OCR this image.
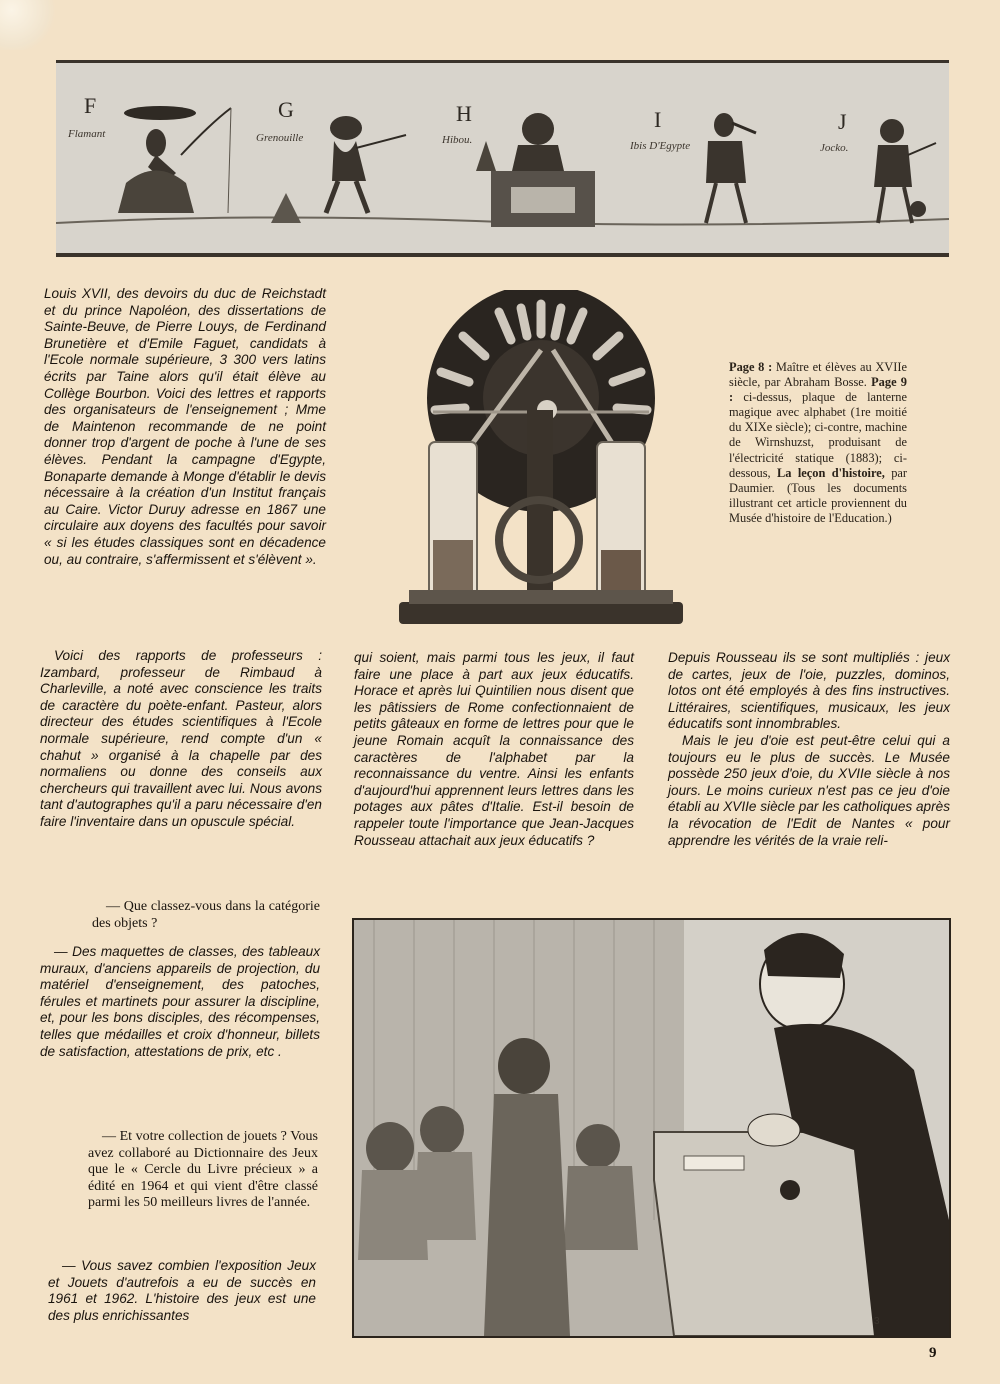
F	G	H	I	J
Flamant	Grenouille	Hibou.	Ibis D'Egypte	Jocko.
Page 8 : Maître et élèves au XVIIe siècle, par Abraham Bosse. Page 9 : ci-dessus, plaque de lanterne magique avec alphabet (1re moitié du XIXe siècle); ci-contre, machine de Wirnshuzst, produisant de l'électricité statique (1883); ci-dessous, La leçon d'histoire, par Daumier. (Tous les documents illustrant cet article proviennent du Musée d'histoire de l'Education.)

Louis XVII, des devoirs du duc de Reichstadt et du prince Napoléon, des dissertations de Sainte-Beuve, de Pierre Louys, de Ferdinand Brunetière et d'Emile Faguet, candidats à l'Ecole normale supérieure, 3 300 vers latins écrits par Taine alors qu'il était élève au Collège Bourbon. Voici des lettres et rapports des organisateurs de l'enseignement ; Mme de Maintenon recommande de ne point donner trop d'argent de poche à l'une de ses élèves. Pendant la campagne d'Egypte, Bonaparte demande à Monge d'établir le devis nécessaire à la création d'un Institut français au Caire. Victor Duruy adresse en 1867 une circulaire aux doyens des facultés pour savoir « si les études classiques sont en décadence ou, au contraire, s'affermissent et s'élèvent ».

Voici des rapports de professeurs : Izambard, professeur de Rimbaud à Charleville, a noté avec conscience les traits de caractère du poète-enfant. Pasteur, alors directeur des études scientifiques à l'Ecole normale supérieure, rend compte d'un « chahut » organisé à la chapelle par des normaliens ou donne des conseils aux chercheurs qui travaillent avec lui. Nous avons tant d'autographes qu'il a paru nécessaire d'en faire l'inventaire dans un opuscule spécial.

— Que classez-vous dans la catégorie des objets ?

— Des maquettes de classes, des tableaux muraux, d'anciens appareils de projection, du matériel d'enseignement, des patoches, férules et martinets pour assurer la discipline, et, pour les bons disciples, des récompenses, telles que médailles et croix d'honneur, billets de satisfaction, attestations de prix, etc .

— Et votre collection de jouets ? Vous avez collaboré au Dictionnaire des Jeux que le « Cercle du Livre précieux » a édité en 1964 et qui vient d'être classé parmi les 50 meilleurs livres de l'année.

— Vous savez combien l'exposition Jeux et Jouets d'autrefois a eu de succès en 1961 et 1962. L'histoire des jeux est une des plus enrichissantes

qui soient, mais parmi tous les jeux, il faut faire une place à part aux jeux éducatifs. Horace et après lui Quintilien nous disent que les pâtissiers de Rome confectionnaient de petits gâteaux en forme de lettres pour que le jeune Romain acquît la connaissance des caractères de l'alphabet par la reconnaissance du ventre. Ainsi les enfants d'aujourd'hui apprennent leurs lettres dans les potages aux pâtes d'Italie. Est-il besoin de rappeler toute l'importance que Jean-Jacques Rousseau attachait aux jeux éducatifs ?

Depuis Rousseau ils se sont multipliés : jeux de cartes, jeux de l'oie, puzzles, dominos, lotos ont été employés à des fins instructives. Littéraires, scientifiques, musicaux, les jeux éducatifs sont innombrables.

Mais le jeu d'oie est peut-être celui qui a toujours eu le plus de succès. Le Musée possède 250 jeux d'oie, du XVIIe siècle à nos jours. Le moins curieux n'est pas ce jeu d'oie établi au XVIIe siècle par les catholiques après la révocation de l'Edit de Nantes « pour apprendre les vérités de la vraie reli-

3
9
